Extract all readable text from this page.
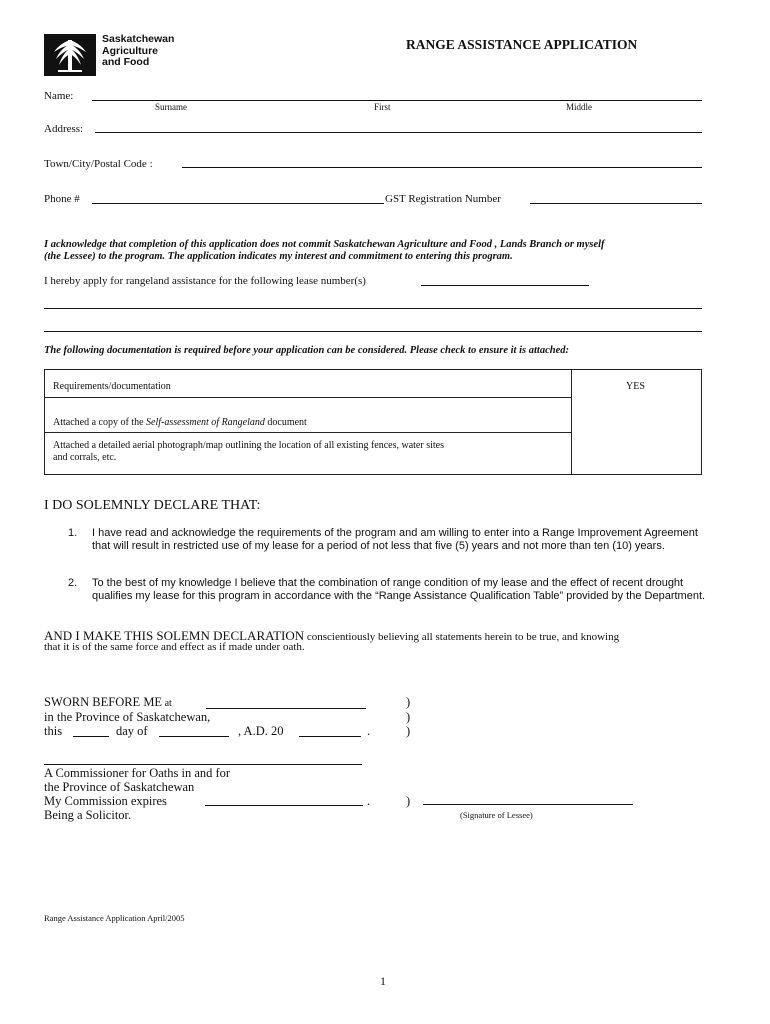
Saskatchewan
Agriculture
and Food
RANGE ASSISTANCE APPLICATION
Name:
Surname	First	Middle
Address:
Town/City/Postal Code :
Phone #	GST Registration Number
I acknowledge that completion of this application does not commit Saskatchewan Agriculture and Food , Lands Branch or myself
(the Lessee) to the program. The application indicates my interest and commitment to entering this program.
I hereby apply for rangeland assistance for the following lease number(s)
The following documentation is required before your application can be considered. Please check to ensure it is attached:
Requirements/documentation	YES
Attached a copy of the Self-assessment of Rangeland document
Attached a detailed aerial photograph/map outlining the location of all existing fences, water sites
and corrals, etc.
I DO SOLEMNLY DECLARE THAT:
1. I have read and acknowledge the requirements of the program and am willing to enter into a Range Improvement Agreement that will result in restricted use of my lease for a period of not less that five (5) years and not more than ten (10) years.
2. To the best of my knowledge I believe that the combination of range condition of my lease and the effect of recent drought qualifies my lease for this program in accordance with the “Range Assistance Qualification Table” provided by the Department.
AND I MAKE THIS SOLEMN DECLARATION conscientiously believing all statements herein to be true, and knowing
that it is of the same force and effect as if made under oath.
SWORN BEFORE ME at
in the Province of Saskatchewan,
this	day of	, A.D. 20	.
)
)
)
A Commissioner for Oaths in and for
the Province of Saskatchewan
My Commission expires	.
Being a Solicitor.
)
(Signature of Lessee)
Range Assistance Application April/2005
1
